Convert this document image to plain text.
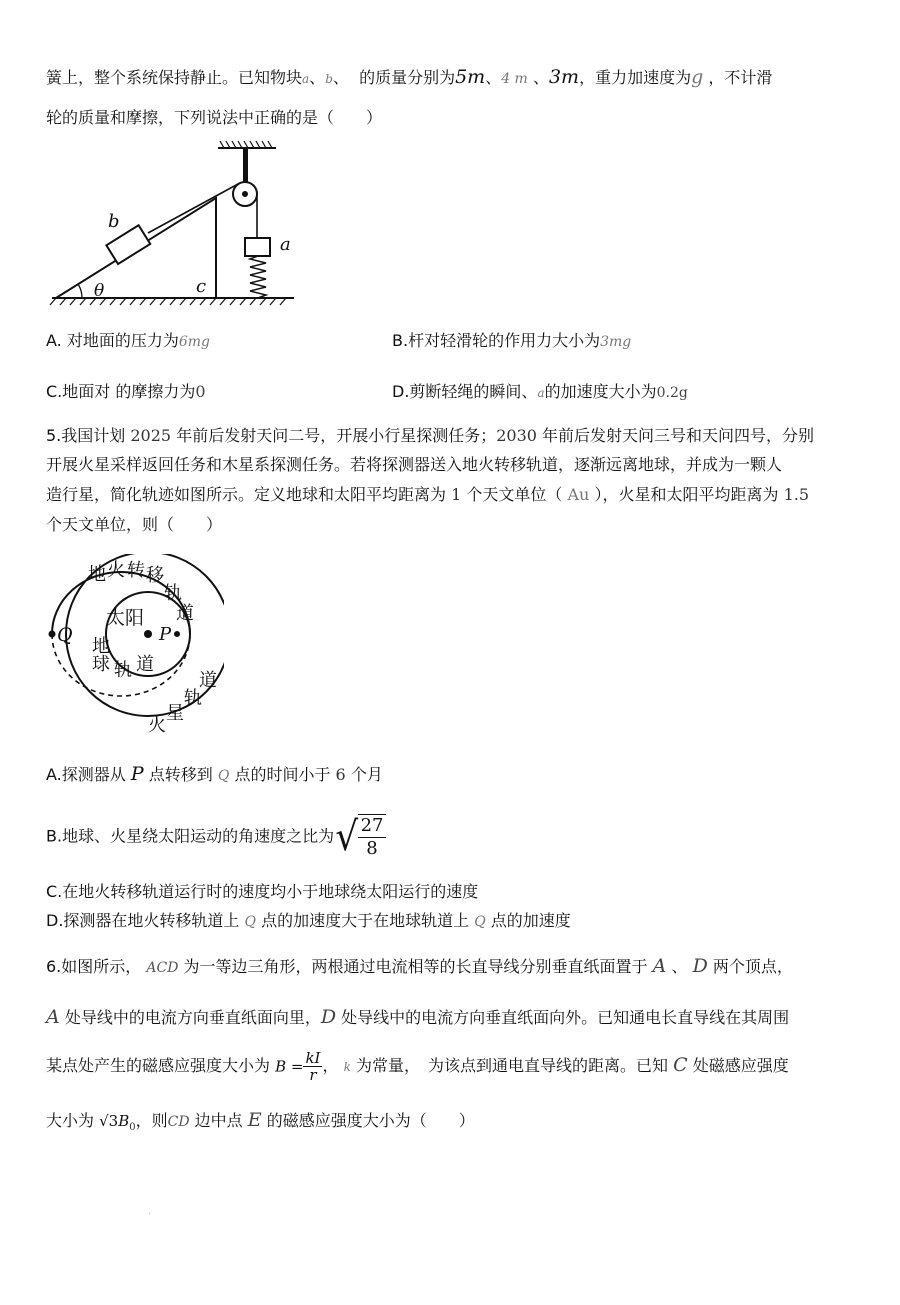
簧上，整个系统保持静止。已知物块a、b、 的质量分别为5m、4 m 、3m，重力加速度为g ，不计滑
轮的质量和摩擦，下列说法中正确的是（　　）
b
a
c
θ
A. 对地面的压力为6mg	B.杆对轻滑轮的作用力大小为3mg
C.地面对 的摩擦力为0	D.剪断轻绳的瞬间、a的加速度大小为0.2g
5.我国计划 2025 年前后发射天问二号，开展小行星探测任务；2030 年前后发射天问三号和天问四号，分别
开展火星采样返回任务和木星系探测任务。若将探测器送入地火转移轨道，逐渐远离地球，并成为一颗人
造行星，简化轨迹如图所示。定义地球和太阳平均距离为 1 个天文单位（ Au ），火星和太阳平均距离为 1.5
个天文单位，则（　　）
Q	P
太阳
地 火 转 移
轨
道
地
球 轨 道
火
星
轨
道
A.探测器从 P 点转移到 Q 点的时间小于 6 个月
B.地球、火星绕太阳运动的角速度之比为 √ 27
8
C.在地火转移轨道运行时的速度均小于地球绕太阳运行的速度
D.探测器在地火转移轨道上 Q 点的加速度大于在地球轨道上 Q 点的加速度
6.如图所示， ACD 为一等边三角形，两根通过电流相等的长直导线分别垂直纸面置于 A 、 D 两个顶点，
A 处导线中的电流方向垂直纸面向里，D 处导线中的电流方向垂直纸面向外。已知通电长直导线在其周围
某点处产生的磁感应强度大小为 $B = \frac{kI}{r}$ ， k 为常量，　为该点到通电直导线的距离。已知 C 处磁感应强度
大小为 $√3B_0$，则CD 边中点 E 的磁感应强度大小为（　　）
.
